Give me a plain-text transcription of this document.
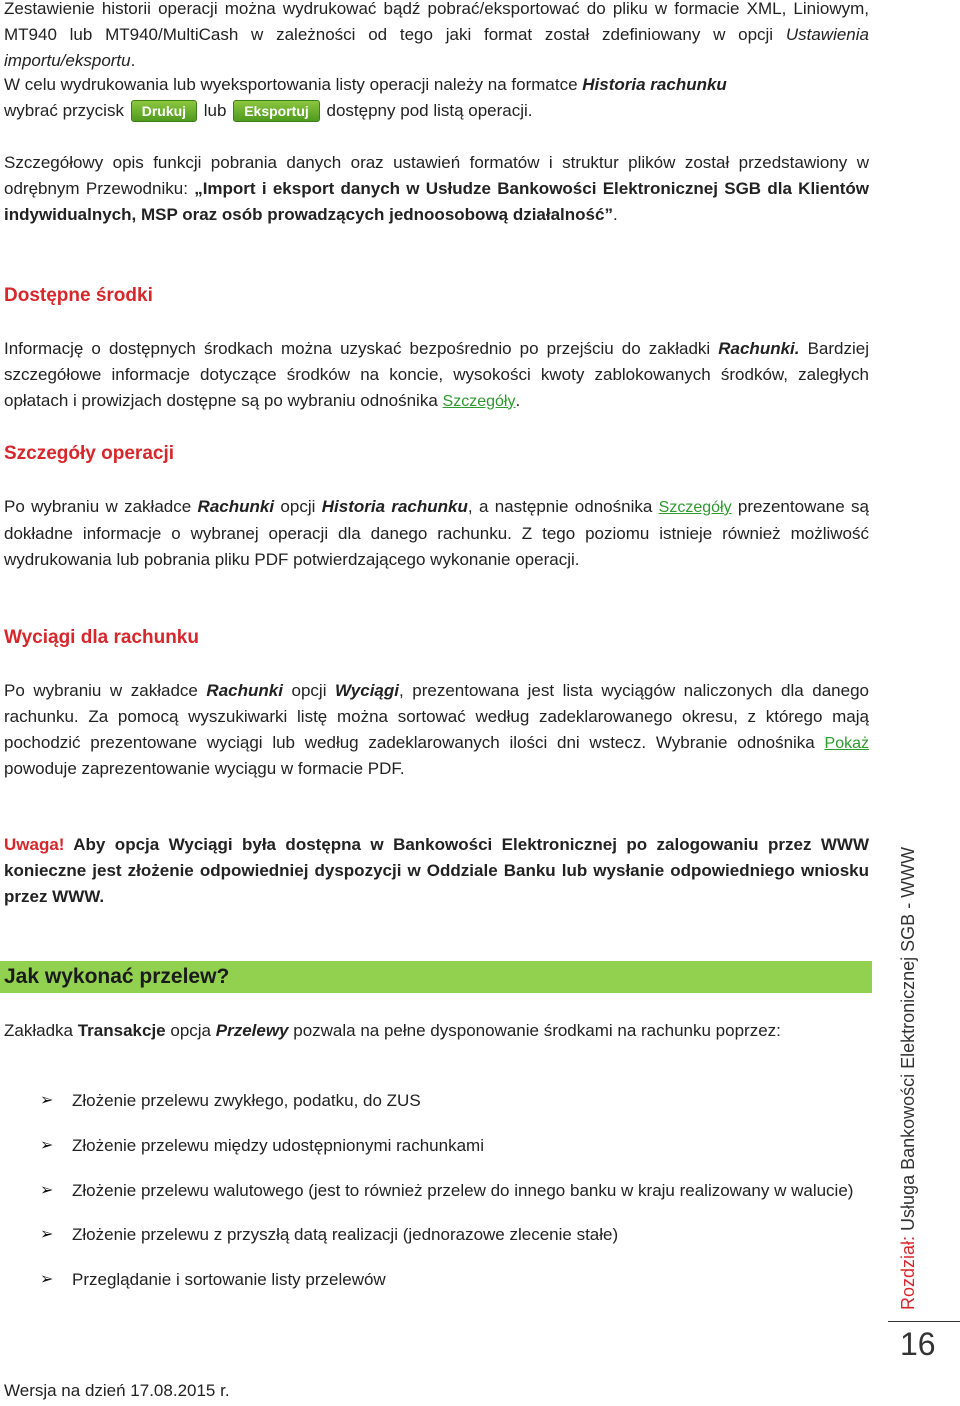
Zestawienie historii operacji można wydrukować bądź pobrać/eksportować do pliku w formacie XML, Liniowym, MT940 lub MT940/MultiCash w zależności od tego jaki format został zdefiniowany w opcji Ustawienia importu/eksportu.

W celu wydrukowania lub wyeksportowania listy operacji należy na formatce Historia rachunku
wybrać przycisk Drukuj lub Eksportuj dostępny pod listą operacji.

Szczegółowy opis funkcji pobrania danych oraz ustawień formatów i struktur plików został przedstawiony w odrębnym Przewodniku: „Import i eksport danych w Usłudze Bankowości Elektronicznej SGB dla Klientów indywidualnych, MSP oraz osób prowadzących jednoosobową działalność”.

Dostępne środki

Informację o dostępnych środkach można uzyskać bezpośrednio po przejściu do zakładki Rachunki. Bardziej szczegółowe informacje dotyczące środków na koncie, wysokości kwoty zablokowanych środków, zaległych opłatach i prowizjach dostępne są po wybraniu odnośnika Szczegóły.

Szczegóły operacji

Po wybraniu w zakładce Rachunki opcji Historia rachunku, a następnie odnośnika Szczegóły prezentowane są dokładne informacje o wybranej operacji dla danego rachunku. Z tego poziomu istnieje również możliwość wydrukowania lub pobrania pliku PDF potwierdzającego wykonanie operacji.

Wyciągi dla rachunku

Po wybraniu w zakładce Rachunki opcji Wyciągi, prezentowana jest lista wyciągów naliczonych dla danego rachunku. Za pomocą wyszukiwarki listę można sortować według zadeklarowanego okresu, z którego mają pochodzić prezentowane wyciągi lub według zadeklarowanych ilości dni wstecz. Wybranie odnośnika Pokaż powoduje zaprezentowanie wyciągu w formacie PDF.

Uwaga! Aby opcja Wyciągi była dostępna w Bankowości Elektronicznej po zalogowaniu przez WWW konieczne jest złożenie odpowiedniej dyspozycji w Oddziale Banku lub wysłanie odpowiedniego wniosku przez WWW.

Jak wykonać przelew?

Zakładka Transakcje opcja Przelewy pozwala na pełne dysponowanie środkami na rachunku poprzez:

➢ Złożenie przelewu zwykłego, podatku, do ZUS
➢ Złożenie przelewu między udostępnionymi rachunkami
➢ Złożenie przelewu walutowego (jest to również przelew do innego banku w kraju realizowany w walucie)
➢ Złożenie przelewu z przyszłą datą realizacji (jednorazowe zlecenie stałe)
➢ Przeglądanie i sortowanie listy przelewów	Rozdział: Usługa Bankowości Elektronicznej SGB - WWW
16
Wersja na dzień 17.08.2015 r.
